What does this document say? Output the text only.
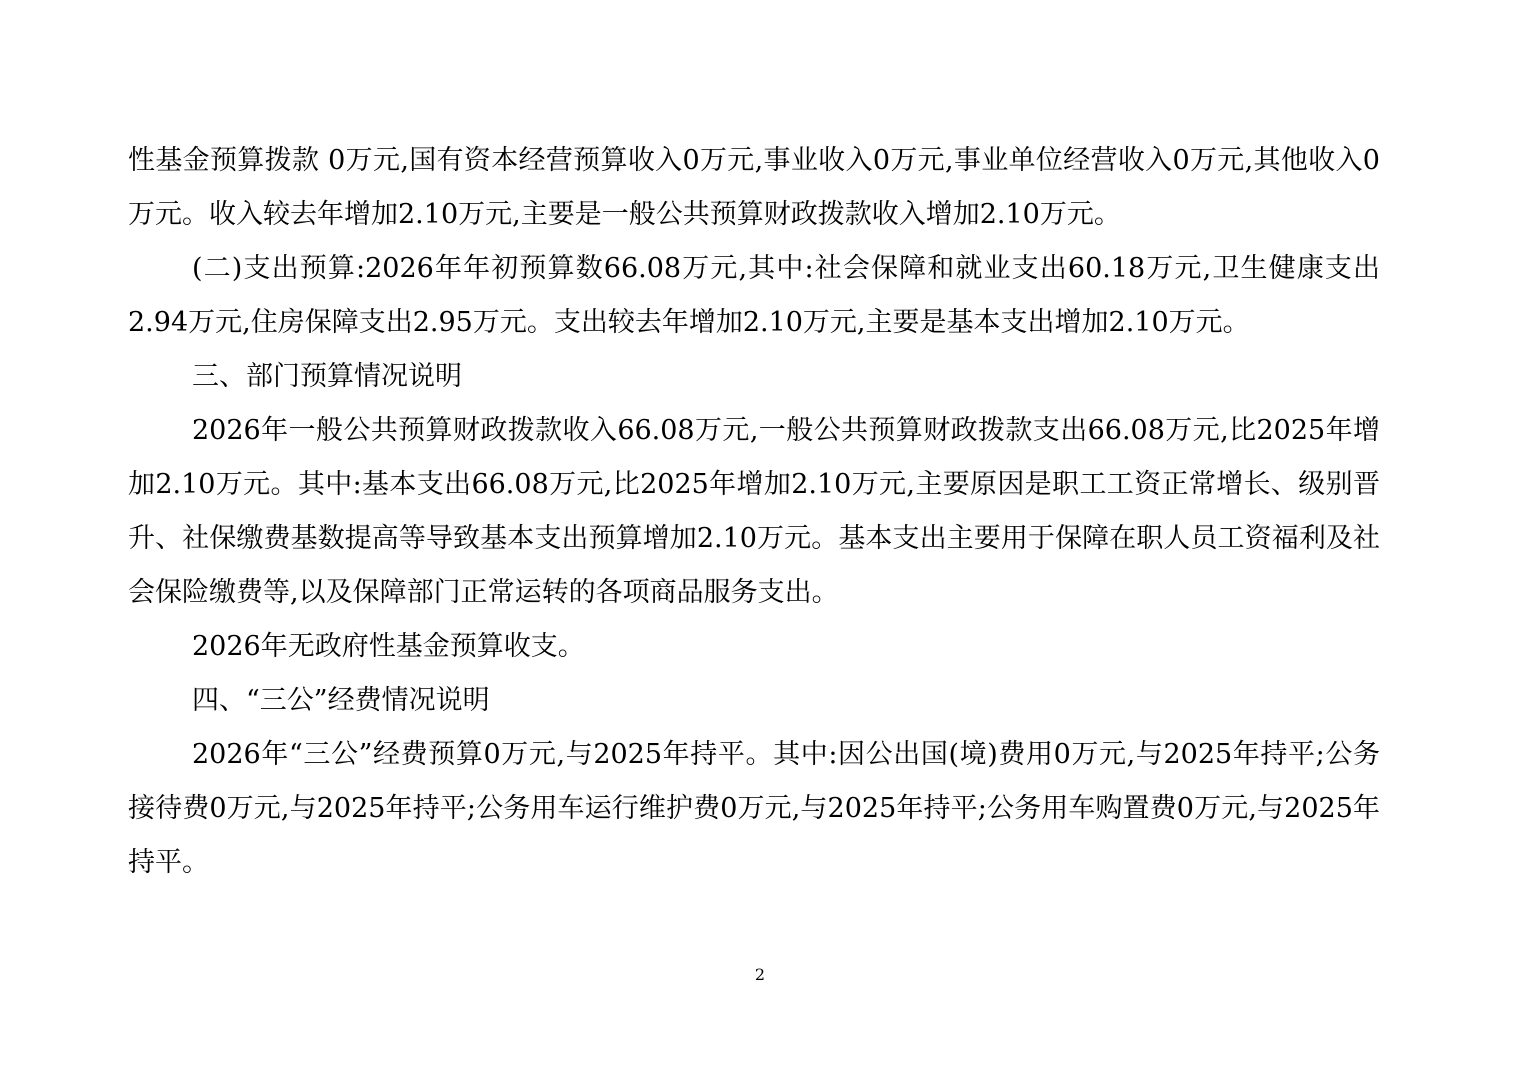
性基金预算拨款 0万元,国有资本经营预算收入0万元,事业收入0万元,事业单位经营收入0万元,其他收入0万元。收入较去年增加2.10万元,主要是一般公共预算财政拨款收入增加2.10万元。

(二)支出预算:2026年年初预算数66.08万元,其中:社会保障和就业支出60.18万元,卫生健康支出2.94万元,住房保障支出2.95万元。支出较去年增加2.10万元,主要是基本支出增加2.10万元。

三、部门预算情况说明

2026年一般公共预算财政拨款收入66.08万元,一般公共预算财政拨款支出66.08万元,比2025年增加2.10万元。其中:基本支出66.08万元,比2025年增加2.10万元,主要原因是职工工资正常增长、级别晋升、社保缴费基数提高等导致基本支出预算增加2.10万元。基本支出主要用于保障在职人员工资福利及社会保险缴费等,以及保障部门正常运转的各项商品服务支出。

2026年无政府性基金预算收支。

四、“三公”经费情况说明

2026年“三公”经费预算0万元,与2025年持平。其中:因公出国(境)费用0万元,与2025年持平;公务接待费0万元,与2025年持平;公务用车运行维护费0万元,与2025年持平;公务用车购置费0万元,与2025年持平。

2
